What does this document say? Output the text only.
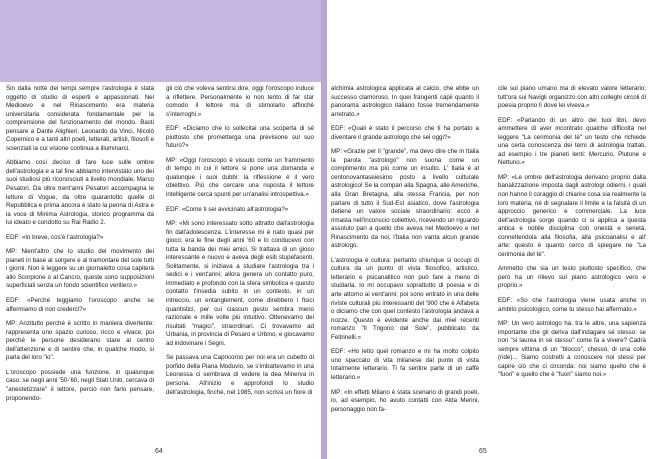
Sin dalla notte dei tempi sempre l'astrologia è stata oggetto di studio di esperti e appassionati. Nel Medioevo e nel Rinascimento era materia universitaria considerata fondamentale per la comprensione del funzionamento del mondo. Basti pensare a Dante Alighieri, Leonardo da Vinci, Nicolò Copernico e a tanti altri poeti, letterati, artisti, filosofi e scienziati la cui visione continua a illuminarci.

Abbiamo così deciso di fare luce sulle ombre dell'astrologia e a tal fine abbiamo intervistato uno dei suoi studiosi più riconosciuti a livello mondiale, Marco Pesatori. Da oltre trent'anni Pesatori accompagna le letture di Vogue, da oltre quarantotto quelle di Repubblica e prima ancora è stato la penna di Astra e la voce di Minima Astrologia, storico programma da lui ideato e condotto su Rai Radio 2.

EDF: «In breve, cos'è l'astrologia?»

MP: Nient'altro che lo studio del movimento dei pianeti in base al sorgere e al tramontare del sole tutti i giorni. Non è leggere su un giornaletto cosa capiterà allo Scorpione o al Cancro, queste sono supposizioni superficiali senza un fondo scientifico veritiero.»

EDF: «Perché leggiamo l'oroscopo anche se affermiamo di non crederci?»

MP: Anzitutto perché è scritto in maniera divertente: rappresenta uno spazio curioso, ricco e vivace; poi perché le persone desiderano stare al centro dell'attenzione e di sentire che, in qualche modo, si parla del loro "io".

L'oroscopo possiede una funzione, in qualunque caso: se negli anni '50-'60, negli Stati Uniti, cercava di "anestetizzare" il lettore, perciò non farlo pensare, proponendo-

gli ciò che voleva sentirsi dire, oggi l'oroscopo induce a riflettere. Personalmente io non tento di far star comodo il lettore ma di stimolarlo affinché s'interroghi.»

EDF: «Diciamo che lo sollecitai una scoperta di sé piuttosto che prometterga una previsione sul suo futuro?»

MP: «Oggi l'oroscopo è vissuto come un frammento di tempo in cui il lettore si pone una domanda e qualunque i suoi dubbi: la riflessione è il vero obiettivo. Più che cercare una risposta il lettore intelligente cerca spunti per un'analisi introspettiva.»

EDF: «Come ti sei avvicinato all'astrologia?»

MP: «Mi sono interessato sotto attratto dall'astrologia fin dall'adolescenza. L'interesse mi è nato quasi per gioco: era le fine degli anni '60 e lo conducevo con tutta la banda dei miei amici. Si trattava di un gioco interessante e nuovo e aveva degli esiti stupefacenti. Solitamente, si iniziava a studiare l'astrologia tra i sedici e i vent'anni; allora genera un contatto puro, immediato e profondo con la sfera simbolica e questo contatto t'insedia subito in un contesto, in un intreccio, un entanglement, come direbbero i fisici quantistici, per cui ciascun gesto sembra meno razionale e mille volte più intuitivo. Ottenevamo dei risultati "magici", straordinari. Ci trovavamo ad Urbania, in provincia di Pesaro e Urbino, e giocavamo ad indovinare i Segni.

Se passava una Capricorno per noi era un cubetto di porfido della Piana Moduvio, se s'imbattevamo in una Leonessa ci sembrava di vedere la dea Minerva in persona. All'inizio e approfondì lo studio dell'astrologia, finché, nel 1985, non scrissi un fiore di

64

alchimia astrologica applicata al calcio, che ebbe un successo clamoroso. In quei frangenti capii quanto il panorama astrologico italiano fosse tremendamente arretrato.»

EDF: «Quali è stato il percorso che ti ha portato a diventare il grande astrologo che sei oggi?»

MP: «Grazie per il "grande", ma devo dire che in Italia la parola "astrologo" non suona come un complimento ma più come un insulto. L' Italia è al centonovantaseiesimo posto a livello culturale astrologico! Se la compari alla Spagna, alle Americhe, alla Gran Bretagna, alla stessa Francia, per non parlare di tutto il Sud-Est asiatico, dove l'astrologia detiene un valore sociale straordinario: ecco è rimasta nell'inconscio collettivo, ricevendo un riguardo assoluto pari a quello che aveva nel Medioevo e nel Rinascimento da noi, l'Italia non vanta alcun grande astrologo.

L'astrologia è cultura: pertanto chiunque si occupi di cultura da un punto di vista filosofico, artistico, letterario e psicanalitico non può fare a meno di studiarla. Io mi occupavo soprattutto di poesia e di arte attorno ai vent'anni; poi sono entrato in una delle riviste culturali più interessanti del '900 che è Alfabeta o diciamo che con quel contesto l'astrologia andava a nozze. Questo è evidente anche dai miei recenti romanzo "Il Trigono del Sole", pubblicato da Feltrinelli.»

EDF: «Ho letto quel romanzo e mi ha molto colpito uno spaccato di vita milanese dal punto di vista totalmente letterario. Ti fa sentire parte di un caffè letterario.»

MP: «In effetti Milano è stata scenario di grandi poeti, io, ad esempio, ho avuto contatti con Alda Merini, personaggio non fa-

cile sul piano umano ma di elevato valore letterario; tutt'ora sui Navigli organizzo con altri colleghi circoli di poesia proprio lì dove lei viveva.»

EDF: «Parlando di un altro dei tuoi libri, devo ammettere di aver incontrato qualche difficoltà nel leggere "La cerimonia del tè" un testo che richiede una certa conoscenza dei temi di astrologia trattati, ad esempio i tre pianeti lenti: Mercurio, Plutone e Nettuno.»

MP: «Le ombre dell'astrologia derivano proprio dalla banalizzazione imposta dagli astrologi odierni, i quali non hanno il coraggio di chiarire cosa sia realmente la loro materia, né di segnalare il limite e la falsità di un approccio generico e commerciale. La luce dell'astrologia sorge quando ci si applica a questa antica e nobile disciplina con onestà e serietà, connettendola alla filosofia, alla psicoanalisi e all' arte: questo è quanto cerco di spiegare ne "La cerimonia del tè".

Ammetto che sia un testo piuttosto specifico, che però ha un rilievo sul piano astrologico vero e proprio.»

EDF: «So che l'astrologia viene usata anche in ambito psicologico, come tu stesso hai affermato.»

MP: Un vero astrologo ha, tra le altre, una sapienza importante che gli deriva dall'indagare sé stesso: se non "si laurea in sé stesso" come fa a vivere? Cadrà sempre vittima di un "blocco", chessò, di una colle (ride)... Siamo costretti a conoscere noi stessi per capire ciò che ci circonda: noi siamo quello che è "fuori" e quello che è "fuori" siamo noi.»

65
